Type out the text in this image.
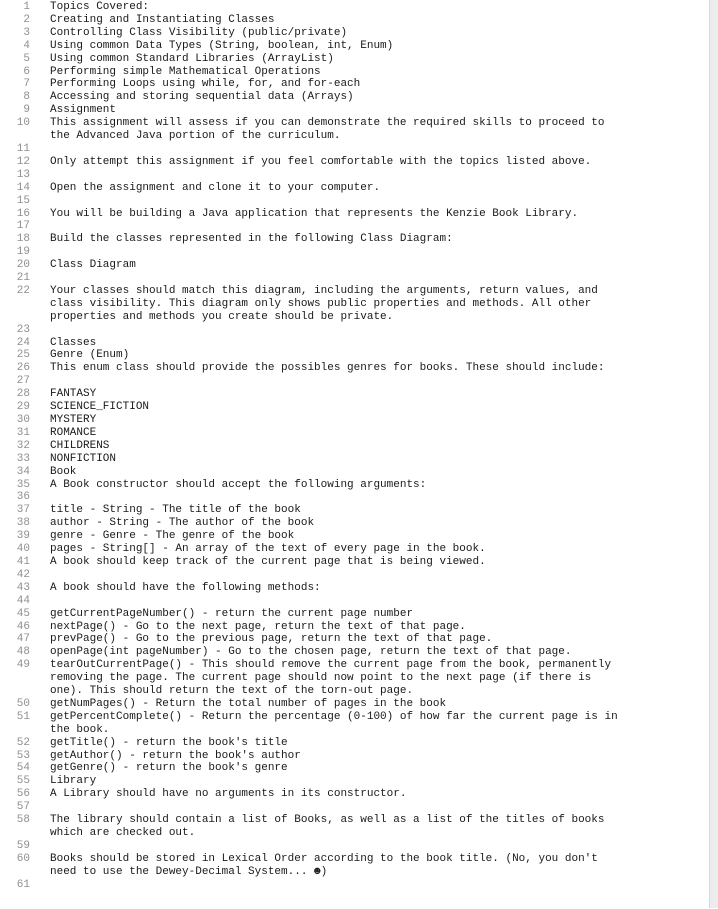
1	Topics Covered:
2	Creating and Instantiating Classes
3	Controlling Class Visibility (public/private)
4	Using common Data Types (String, boolean, int, Enum)
5	Using common Standard Libraries (ArrayList)
6	Performing simple Mathematical Operations
7	Performing Loops using while, for, and for-each
8	Accessing and storing sequential data (Arrays)
9	Assignment
10	This assignment will assess if you can demonstrate the required skills to proceed to
the Advanced Java portion of the curriculum.
11
12	Only attempt this assignment if you feel comfortable with the topics listed above.
13
14	Open the assignment and clone it to your computer.
15
16	You will be building a Java application that represents the Kenzie Book Library.
17
18	Build the classes represented in the following Class Diagram:
19
20	Class Diagram
21
22	Your classes should match this diagram, including the arguments, return values, and
class visibility. This diagram only shows public properties and methods. All other
properties and methods you create should be private.
23
24	Classes
25	Genre (Enum)
26	This enum class should provide the possibles genres for books. These should include:
27
28	FANTASY
29	SCIENCE_FICTION
30	MYSTERY
31	ROMANCE
32	CHILDRENS
33	NONFICTION
34	Book
35	A Book constructor should accept the following arguments:
36
37	title - String - The title of the book
38	author - String - The author of the book
39	genre - Genre - The genre of the book
40	pages - String[] - An array of the text of every page in the book.
41	A book should keep track of the current page that is being viewed.
42
43	A book should have the following methods:
44
45	getCurrentPageNumber() - return the current page number
46	nextPage() - Go to the next page, return the text of that page.
47	prevPage() - Go to the previous page, return the text of that page.
48	openPage(int pageNumber) - Go to the chosen page, return the text of that page.
49	tearOutCurrentPage() - This should remove the current page from the book, permanently
removing the page. The current page should now point to the next page (if there is
one). This should return the text of the torn-out page.
50	getNumPages() - Return the total number of pages in the book
51	getPercentComplete() - Return the percentage (0-100) of how far the current page is in
the book.
52	getTitle() - return the book's title
53	getAuthor() - return the book's author
54	getGenre() - return the book's genre
55	Library
56	A Library should have no arguments in its constructor.
57
58	The library should contain a list of Books, as well as a list of the titles of books
which are checked out.
59
60	Books should be stored in Lexical Order according to the book title. (No, you don't
need to use the Dewey-Decimal System... ☻)
61
